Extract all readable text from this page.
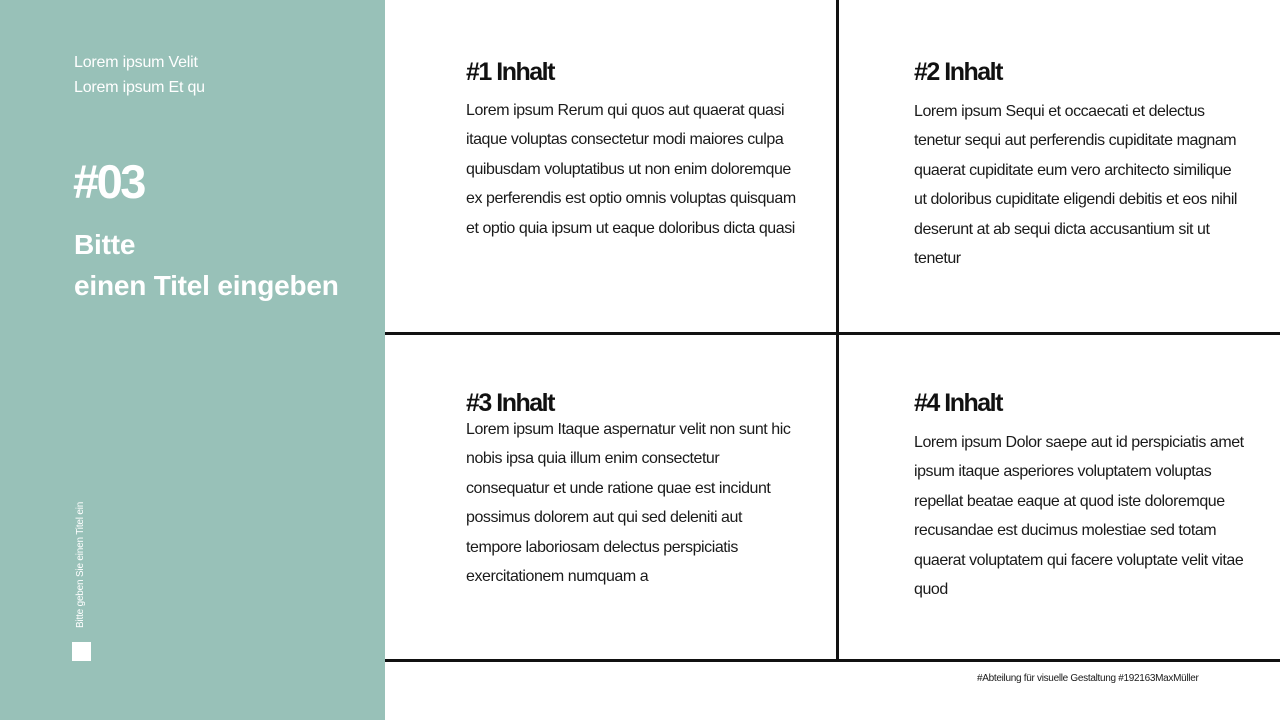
Lorem ipsum Velit
Lorem ipsum Et qu
#03
Bitte
einen Titel eingeben
Bitte geben Sie einen Titel ein
#1 Inhalt
Lorem ipsum Rerum qui quos aut quaerat quasi itaque voluptas consectetur modi maiores culpa quibusdam voluptatibus ut non enim doloremque ex perferendis est optio omnis voluptas quisquam et optio quia ipsum ut eaque doloribus dicta quasi
#2 Inhalt
Lorem ipsum Sequi et occaecati et delectus tenetur sequi aut perferendis cupiditate magnam quaerat cupiditate eum vero architecto similique ut doloribus cupiditate eligendi debitis et eos nihil deserunt at ab sequi dicta accusantium sit ut tenetur
#3 Inhalt
Lorem ipsum Itaque aspernatur velit non sunt hic nobis ipsa quia illum enim consectetur consequatur et unde ratione quae est incidunt possimus dolorem aut qui sed deleniti aut tempore laboriosam delectus perspiciatis exercitationem numquam a
#4 Inhalt
Lorem ipsum Dolor saepe aut id perspiciatis amet ipsum itaque asperiores voluptatem voluptas repellat beatae eaque at quod iste doloremque recusandae est ducimus molestiae sed totam quaerat voluptatem qui facere voluptate velit vitae quod
#Abteilung für visuelle Gestaltung #192163MaxMüller
